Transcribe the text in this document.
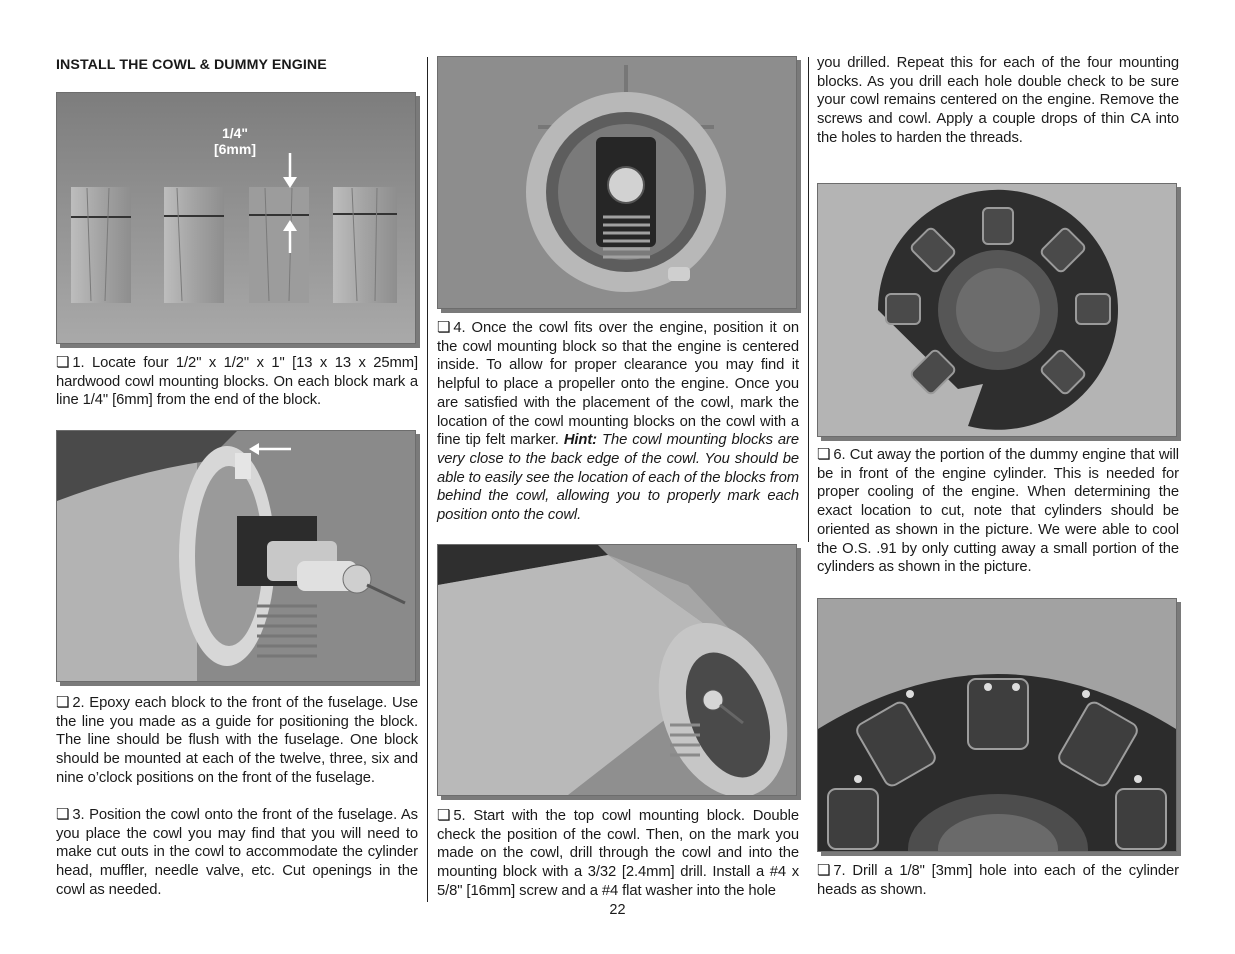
INSTALL THE COWL & DUMMY ENGINE
1/4"
[6mm]
❏ 1. Locate four 1/2" x 1/2" x 1" [13 x 13 x 25mm] hardwood cowl mounting blocks. On each block mark a line 1/4" [6mm] from the end of the block.
❏ 2. Epoxy each block to the front of the fuselage. Use the line you made as a guide for positioning the block. The line should be flush with the fuselage. One block should be mounted at each of the twelve, three, six and nine o’clock positions on the front of the fuselage.
❏ 3. Position the cowl onto the front of the fuselage. As you place the cowl you may find that you will need to make cut outs in the cowl to accommodate the cylinder head, muffler, needle valve, etc. Cut openings in the cowl as needed.
❏ 4. Once the cowl fits over the engine, position it on the cowl mounting block so that the engine is centered inside. To allow for proper clearance you may find it helpful to place a propeller onto the engine. Once you are satisfied with the placement of the cowl, mark the location of the cowl mounting blocks on the cowl with a fine tip felt marker. Hint: The cowl mounting blocks are very close to the back edge of the cowl. You should be able to easily see the location of each of the blocks from behind the cowl, allowing you to properly mark each position onto the cowl.
❏ 5. Start with the top cowl mounting block. Double check the position of the cowl. Then, on the mark you made on the cowl, drill through the cowl and into the mounting block with a 3/32 [2.4mm] drill. Install a #4 x 5/8" [16mm] screw and a #4 flat washer into the hole
you drilled. Repeat this for each of the four mounting blocks. As you drill each hole double check to be sure your cowl remains centered on the engine. Remove the screws and cowl. Apply a couple drops of thin CA into the holes to harden the threads.
❏ 6. Cut away the portion of the dummy engine that will be in front of the engine cylinder. This is needed for proper cooling of the engine. When determining the exact location to cut, note that cylinders should be oriented as shown in the picture. We were able to cool the O.S. .91 by only cutting away a small portion of the cylinders as shown in the picture.
❏ 7. Drill a 1/8" [3mm] hole into each of the cylinder heads as shown.
22
